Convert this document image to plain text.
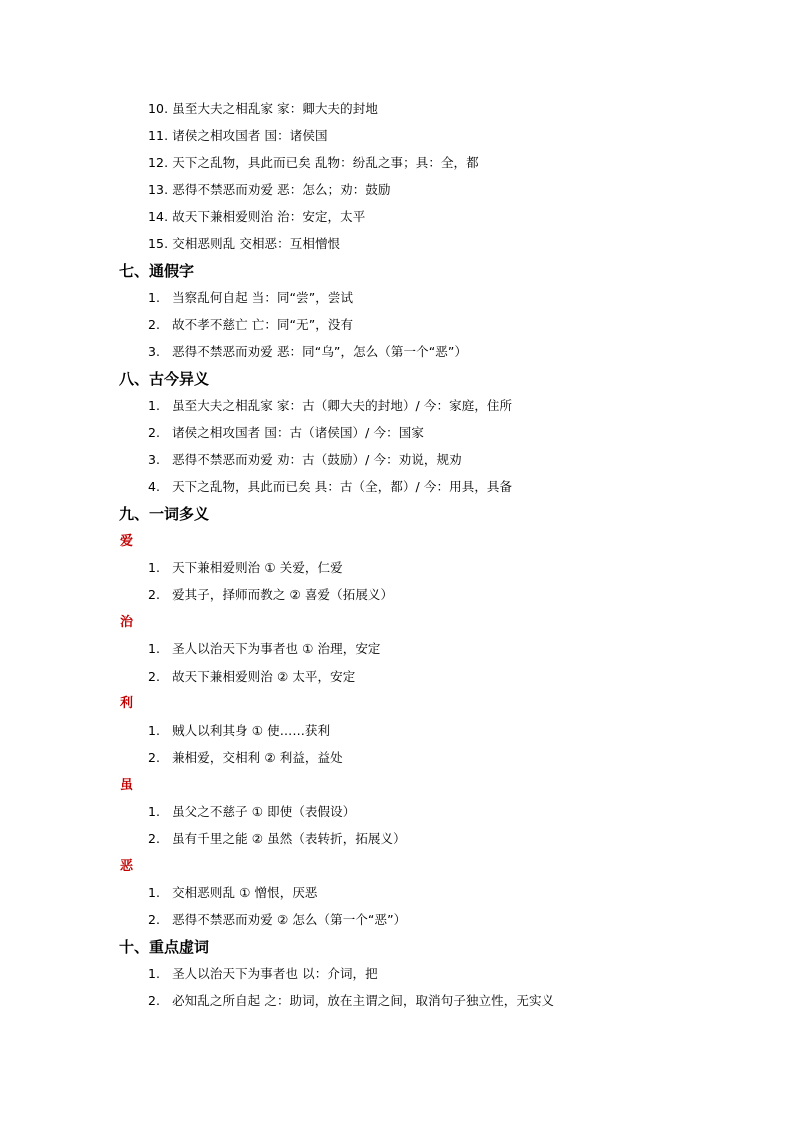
10. 虽至大夫之相乱家 家：卿大夫的封地
11. 诸侯之相攻国者 国：诸侯国
12. 天下之乱物，具此而已矣 乱物：纷乱之事；具：全，都
13. 恶得不禁恶而劝爱 恶：怎么；劝：鼓励
14. 故天下兼相爱则治 治：安定，太平
15. 交相恶则乱 交相恶：互相憎恨
七、通假字
1. 当察乱何自起 当：同“尝”，尝试
2. 故不孝不慈亡 亡：同“无”，没有
3. 恶得不禁恶而劝爱 恶：同“乌”，怎么（第一个“恶”）
八、古今异义
1. 虽至大夫之相乱家 家：古（卿大夫的封地）/ 今：家庭，住所
2. 诸侯之相攻国者 国：古（诸侯国）/ 今：国家
3. 恶得不禁恶而劝爱 劝：古（鼓励）/ 今：劝说，规劝
4. 天下之乱物，具此而已矣 具：古（全，都）/ 今：用具，具备
九、一词多义
爱
1. 天下兼相爱则治 ① 关爱，仁爱
2. 爱其子，择师而教之 ② 喜爱（拓展义）
治
1. 圣人以治天下为事者也 ① 治理，安定
2. 故天下兼相爱则治 ② 太平，安定
利
1. 贼人以利其身 ① 使……获利
2. 兼相爱，交相利 ② 利益，益处
虽
1. 虽父之不慈子 ① 即使（表假设）
2. 虽有千里之能 ② 虽然（表转折，拓展义）
恶
1. 交相恶则乱 ① 憎恨，厌恶
2. 恶得不禁恶而劝爱 ② 怎么（第一个“恶”）
十、重点虚词
1. 圣人以治天下为事者也 以：介词，把
2. 必知乱之所自起 之：助词，放在主谓之间，取消句子独立性，无实义
